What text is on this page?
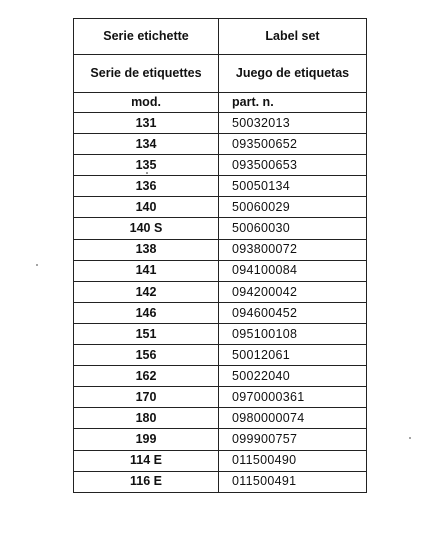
Serie etichette	Label set
Serie de etiquettes	Juego de etiquetas
mod.	part. n.
131	50032013
134	093500652
135	093500653
136	50050134
140	50060029
140 S	50060030
138	093800072
141	094100084
142	094200042
146	094600452
151	095100108
156	50012061
162	50022040
170	0970000361
180	0980000074
199	099900757
114 E	011500490
116 E	011500491
